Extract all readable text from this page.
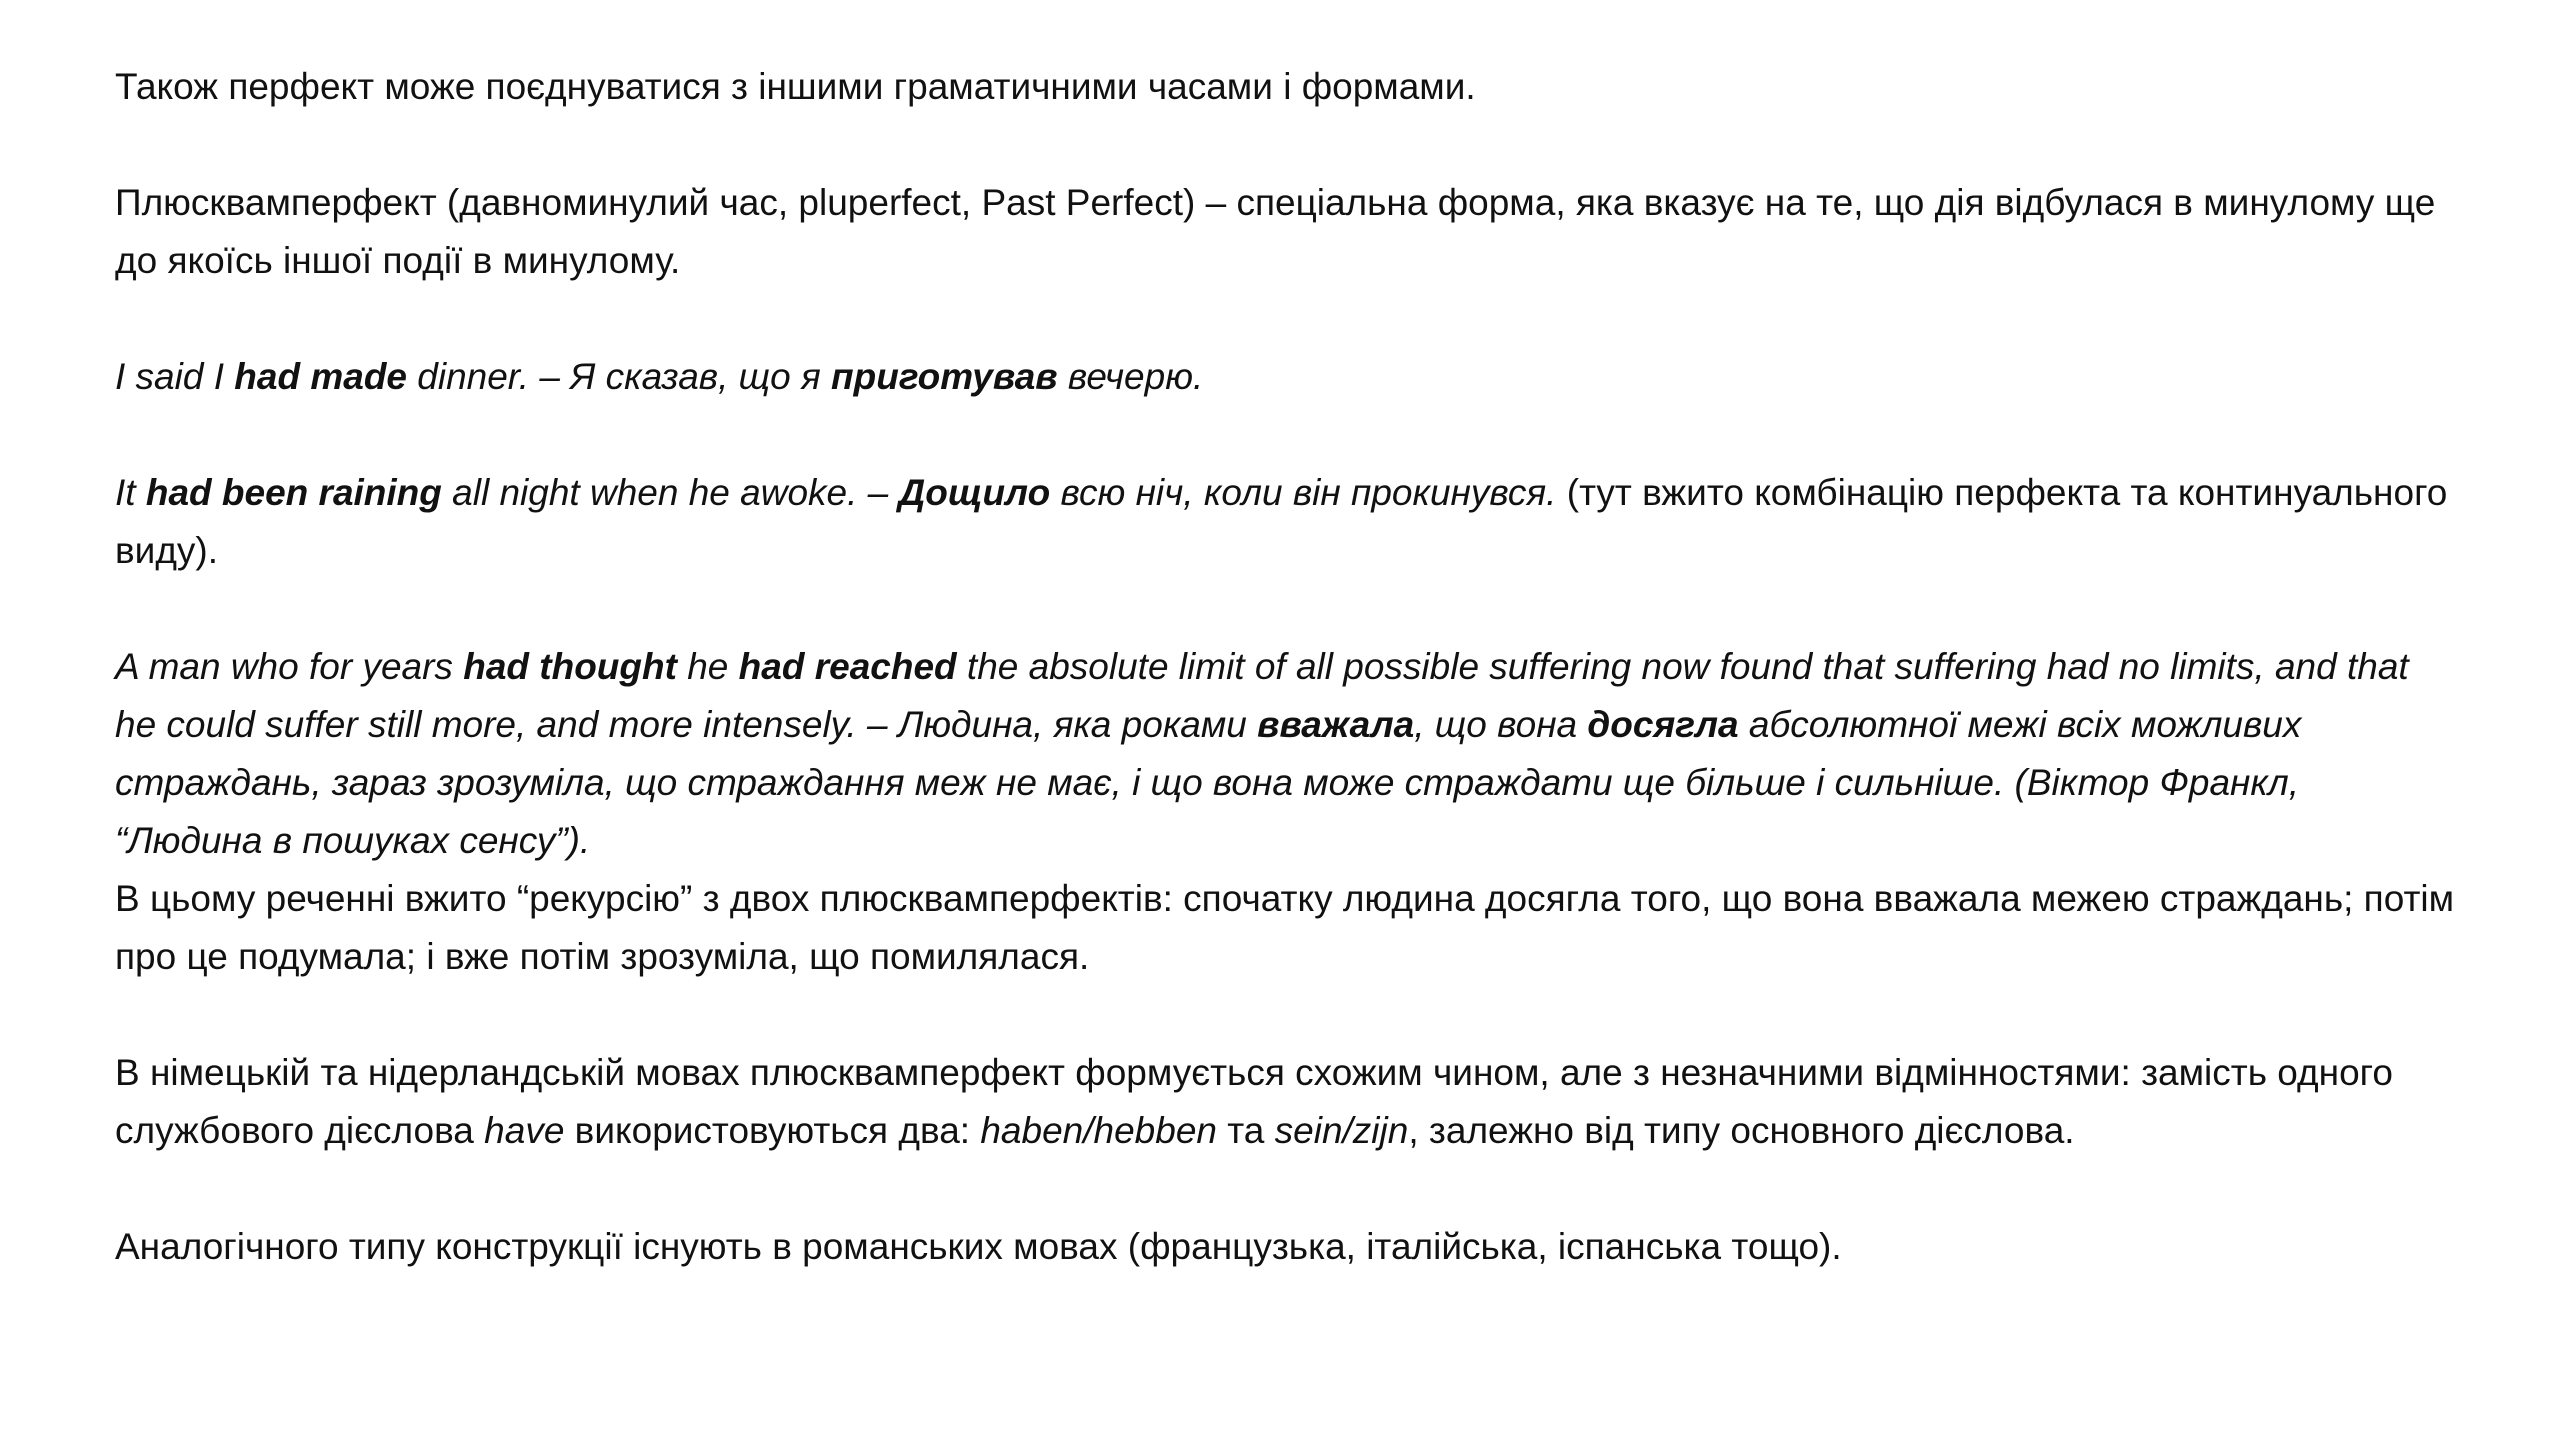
Також перфект може поєднуватися з іншими граматичними часами і формами.

Плюсквамперфект (давноминулий час, pluperfect, Past Perfect) – спеціальна форма, яка вказує на те, що дія відбулася в минулому ще до якоїсь іншої події в минулому.

I said I had made dinner. – Я сказав, що я приготував вечерю.

It had been raining all night when he awoke. – Дощило всю ніч, коли він прокинувся. (тут вжито комбінацію перфекта та континуального виду).

A man who for years had thought he had reached the absolute limit of all possible suffering now found that suffering had no limits, and that he could suffer still more, and more intensely. – Людина, яка роками вважала, що вона досягла абсолютної межі всіх можливих страждань, зараз зрозуміла, що страждання меж не має, і що вона може страждати ще більше і сильніше. (Віктор Франкл, “Людина в пошуках сенсу”).

В цьому реченні вжито “рекурсію” з двох плюсквамперфектів: спочатку людина досягла того, що вона вважала межею страждань; потім про це подумала; і вже потім зрозуміла, що помилялася.

В німецькій та нідерландській мовах плюсквамперфект формується схожим чином, але з незначними відмінностями: замість одного службового дієслова have використовуються два: haben/hebben та sein/zijn, залежно від типу основного дієслова.

Аналогічного типу конструкції існують в романських мовах (французька, італійська, іспанська тощо).
